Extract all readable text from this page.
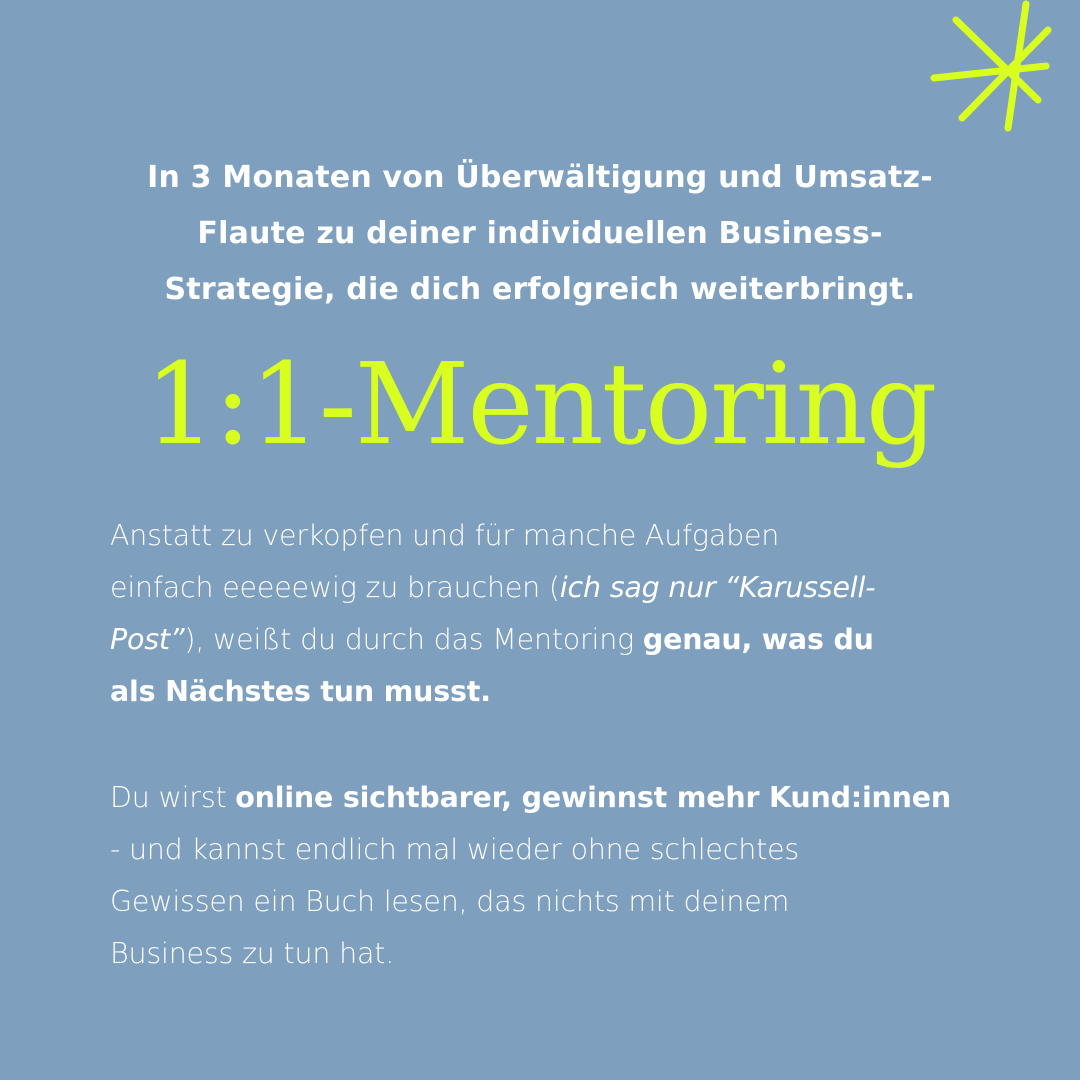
In 3 Monaten von Überwältigung und Umsatz-
Flaute zu deiner individuellen Business-
Strategie, die dich erfolgreich weiterbringt.
1:1-Mentoring
Anstatt zu verkopfen und für manche Aufgaben
einfach eeeeewig zu brauchen (ich sag nur “Karussell-
Post”), weißt du durch das Mentoring genau, was du
als Nächstes tun musst.
Du wirst online sichtbarer, gewinnst mehr Kund:innen
- und kannst endlich mal wieder ohne schlechtes
Gewissen ein Buch lesen, das nichts mit deinem
Business zu tun hat.
